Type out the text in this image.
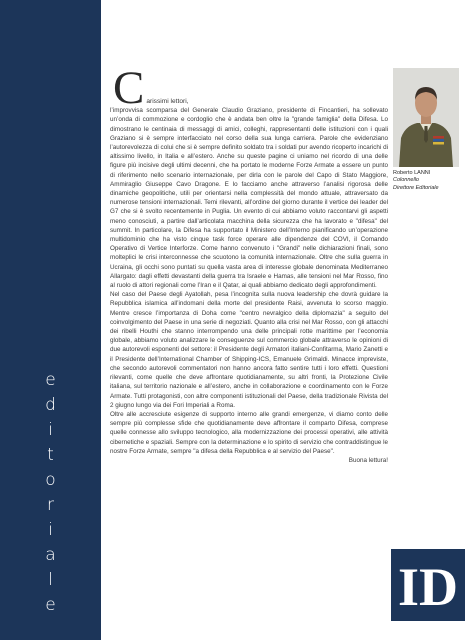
e
d
i
t
o
r
i
a
l
e
C arissimi lettori,

l’improvvisa scomparsa del Generale Claudio Graziano, presidente di Fincantieri, ha sollevato un’onda di commozione e cordoglio che è andata ben oltre la "grande famiglia" della Difesa. Lo dimostrano le centinaia di messaggi di amici, colleghi, rappresentanti delle istituzioni con i quali Graziano si è sempre interfacciato nel corso della sua lunga carriera. Parole che evidenziano l’autorevolezza di colui che si è sempre definito soldato tra i soldati pur avendo ricoperto incarichi di altissimo livello, in Italia e all’estero. Anche su queste pagine ci uniamo nel ricordo di una delle figure più incisive degli ultimi decenni, che ha portato le moderne Forze Armate a essere un punto di riferimento nello scenario internazionale, per dirla con le parole del Capo di Stato Maggiore, Ammiraglio Giuseppe Cavo Dragone. E lo facciamo anche attraverso l’analisi rigorosa delle dinamiche geopolitiche, utili per orientarsi nella complessità del mondo attuale, attraversato da numerose tensioni internazionali. Temi rilevanti, all’ordine del giorno durante il vertice dei leader del G7 che si è svolto recentemente in Puglia. Un evento di cui abbiamo voluto raccontarvi gli aspetti meno conosciuti, a partire dall’articolata macchina della sicurezza che ha lavorato e "difesa" del summit. In particolare, la Difesa ha supportato il Ministero dell’Interno pianificando un’operazione multidominio che ha visto cinque task force operare alle dipendenze del COVI, il Comando Operativo di Vertice Interforze. Come hanno convenuto i "Grandi" nelle dichiarazioni finali, sono molteplici le crisi interconnesse che scuotono la comunità internazionale. Oltre che sulla guerra in Ucraina, gli occhi sono puntati su quella vasta area di interesse globale denominata Mediterraneo Allargato: dagli effetti devastanti della guerra tra Israele e Hamas, alle tensioni nel Mar Rosso, fino al ruolo di attori regionali come l’Iran e il Qatar, ai quali abbiamo dedicato degli approfondimenti.

Nel caso del Paese degli Ayatollah, pesa l’incognita sulla nuova leadership che dovrà guidare la Repubblica islamica all’indomani della morte del presidente Raisi, avvenuta lo scorso maggio. Mentre cresce l’importanza di Doha come "centro nevralgico della diplomazia" a seguito del coinvolgimento del Paese in una serie di negoziati. Quanto alla crisi nel Mar Rosso, con gli attacchi dei ribelli Houthi che stanno interrompendo una delle principali rotte marittime per l’economia globale, abbiamo voluto analizzare le conseguenze sul commercio globale attraverso le opinioni di due autorevoli esponenti del settore: il Presidente degli Armatori italiani-Confitarma, Mario Zanetti e il Presidente dell’International Chamber of Shipping-ICS, Emanuele Grimaldi. Minacce impreviste, che secondo autorevoli commentatori non hanno ancora fatto sentire tutti i loro effetti. Questioni rilevanti, come quelle che deve affrontare quotidianamente, su altri fronti, la Protezione Civile italiana, sul territorio nazionale e all’estero, anche in collaborazione e coordinamento con le Forze Armate. Tutti protagonisti, con altre componenti istituzionali del Paese, della tradizionale Rivista del 2 giugno lungo via dei Fori Imperiali a Roma.

Oltre alle accresciute esigenze di supporto interno alle grandi emergenze, vi diamo conto delle sempre più complesse sfide che quotidianamente deve affrontare il comparto Difesa, comprese quelle connesse allo sviluppo tecnologico, alla modernizzazione dei processi operativi, alle attività cibernetiche e spaziali. Sempre con la determinazione e lo spirito di servizio che contraddistingue le nostre Forze Armate, sempre "a difesa della Repubblica e al servizio del Paese".

Buona lettura!

Roberto LANNI
Colonnello
Direttore Editoriale
ID
